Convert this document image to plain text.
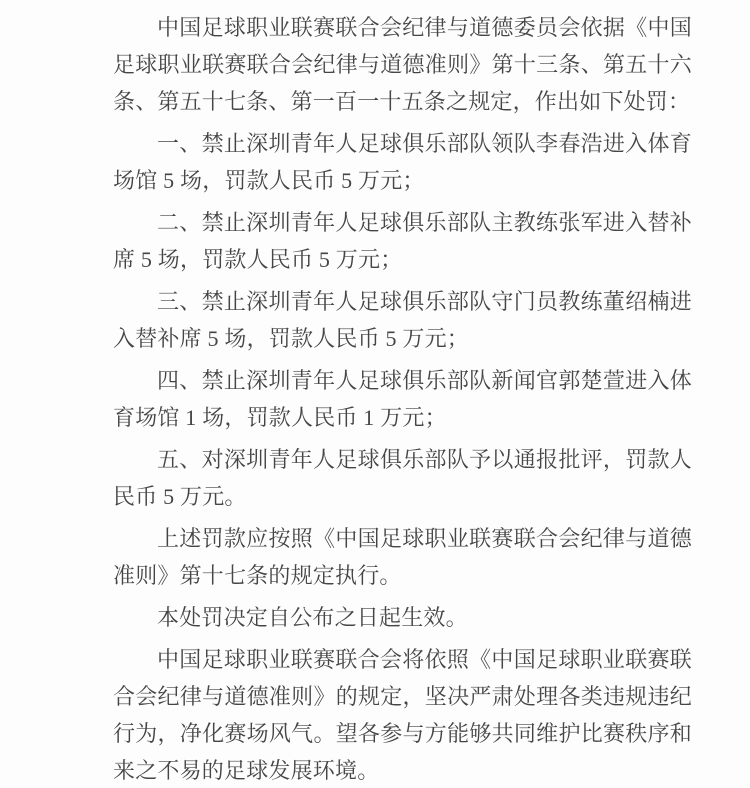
中国足球职业联赛联合会纪律与道德委员会依据《中国足球职业联赛联合会纪律与道德准则》第十三条、第五十六条、第五十七条、第一百一十五条之规定，作出如下处罚：

一、禁止深圳青年人足球俱乐部队领队李春浩进入体育场馆 5 场，罚款人民币 5 万元；

二、禁止深圳青年人足球俱乐部队主教练张军进入替补席 5 场，罚款人民币 5 万元；

三、禁止深圳青年人足球俱乐部队守门员教练董绍楠进入替补席 5 场，罚款人民币 5 万元；

四、禁止深圳青年人足球俱乐部队新闻官郭楚萱进入体育场馆 1 场，罚款人民币 1 万元；

五、对深圳青年人足球俱乐部队予以通报批评，罚款人民币 5 万元。

上述罚款应按照《中国足球职业联赛联合会纪律与道德准则》第十七条的规定执行。

本处罚决定自公布之日起生效。

中国足球职业联赛联合会将依照《中国足球职业联赛联合会纪律与道德准则》的规定，坚决严肃处理各类违规违纪行为，净化赛场风气。望各参与方能够共同维护比赛秩序和来之不易的足球发展环境。
